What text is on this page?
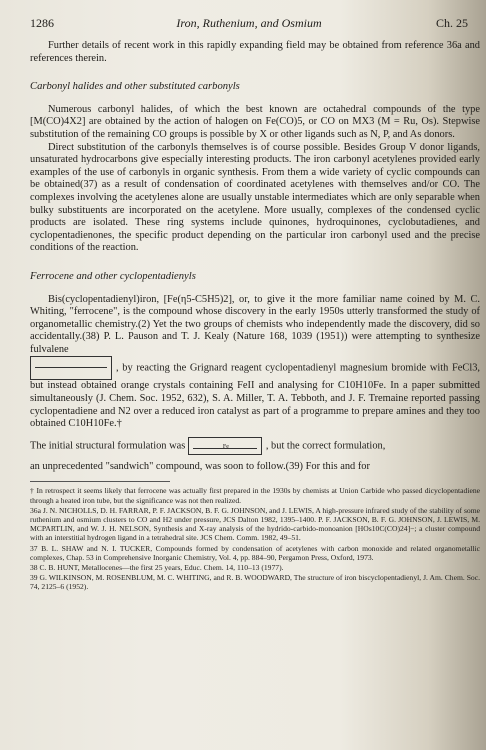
1286	Iron, Ruthenium, and Osmium	Ch. 25

Further details of recent work in this rapidly expanding field may be obtained from reference 36a and references therein.

Carbonyl halides and other substituted carbonyls

Numerous carbonyl halides, of which the best known are octahedral compounds of the type [M(CO)4X2] are obtained by the action of halogen on Fe(CO)5, or CO on MX3 (M = Ru, Os). Stepwise substitution of the remaining CO groups is possible by X or other ligands such as N, P, and As donors.

Direct substitution of the carbonyls themselves is of course possible. Besides Group V donor ligands, unsaturated hydrocarbons give especially interesting products. The iron carbonyl acetylenes provided early examples of the use of carbonyls in organic synthesis. From them a wide variety of cyclic compounds can be obtained(37) as a result of condensation of coordinated acetylenes with themselves and/or CO. The complexes involving the acetylenes alone are usually unstable intermediates which are only separable when bulky substituents are incorporated on the acetylene. More usually, complexes of the condensed cyclic products are isolated. These ring systems include quinones, hydroquinones, cyclobutadienes, and cyclopentadienones, the specific product depending on the particular iron carbonyl used and the precise conditions of the reaction.

Ferrocene and other cyclopentadienyls

Bis(cyclopentadienyl)iron, [Fe(η5-C5H5)2], or, to give it the more familiar name coined by M. C. Whiting, "ferrocene", is the compound whose discovery in the early 1950s utterly transformed the study of organometallic chemistry.(2) Yet the two groups of chemists who independently made the discovery, did so accidentally.(38) P. L. Pauson and T. J. Kealy (Nature 168, 1039 (1951)) were attempting to synthesize fulvalene

, by reacting the Grignard reagent cyclopentadienyl magnesium bromide with FeCl3, but instead obtained orange crystals containing FeII and analysing for C10H10Fe. In a paper submitted simultaneously (J. Chem. Soc. 1952, 632), S. A. Miller, T. A. Tebboth, and J. F. Tremaine reported passing cyclopentadiene and N2 over a reduced iron catalyst as part of a programme to prepare amines and they too obtained C10H10Fe.†

The initial structural formulation was	Fe	, but the correct formulation,

an unprecedented "sandwich" compound, was soon to follow.(39) For this and for

† In retrospect it seems likely that ferrocene was actually first prepared in the 1930s by chemists at Union Carbide who passed dicyclopentadiene through a heated iron tube, but the significance was not then realized.
36a J. N. NICHOLLS, D. H. FARRAR, P. F. JACKSON, B. F. G. JOHNSON, and J. LEWIS, A high-pressure infrared study of the stability of some ruthenium and osmium clusters to CO and H2 under pressure, JCS Dalton 1982, 1395–1400. P. F. JACKSON, B. F. G. JOHNSON, J. LEWIS, M. MCPARTLIN, and W. J. H. NELSON, Synthesis and X-ray analysis of the hydrido-carbido-monoanion [HOs10C(CO)24]−; a cluster compound with an interstitial hydrogen ligand in a tetrahedral site. JCS Chem. Comm. 1982, 49–51.
37 B. L. SHAW and N. I. TUCKER, Compounds formed by condensation of acetylenes with carbon monoxide and related organometallic complexes, Chap. 53 in Comprehensive Inorganic Chemistry, Vol. 4, pp. 884–90, Pergamon Press, Oxford, 1973.
38 C. B. HUNT, Metallocenes—the first 25 years, Educ. Chem. 14, 110–13 (1977).
39 G. WILKINSON, M. ROSENBLUM, M. C. WHITING, and R. B. WOODWARD, The structure of iron biscyclopentadienyl, J. Am. Chem. Soc. 74, 2125–6 (1952).
